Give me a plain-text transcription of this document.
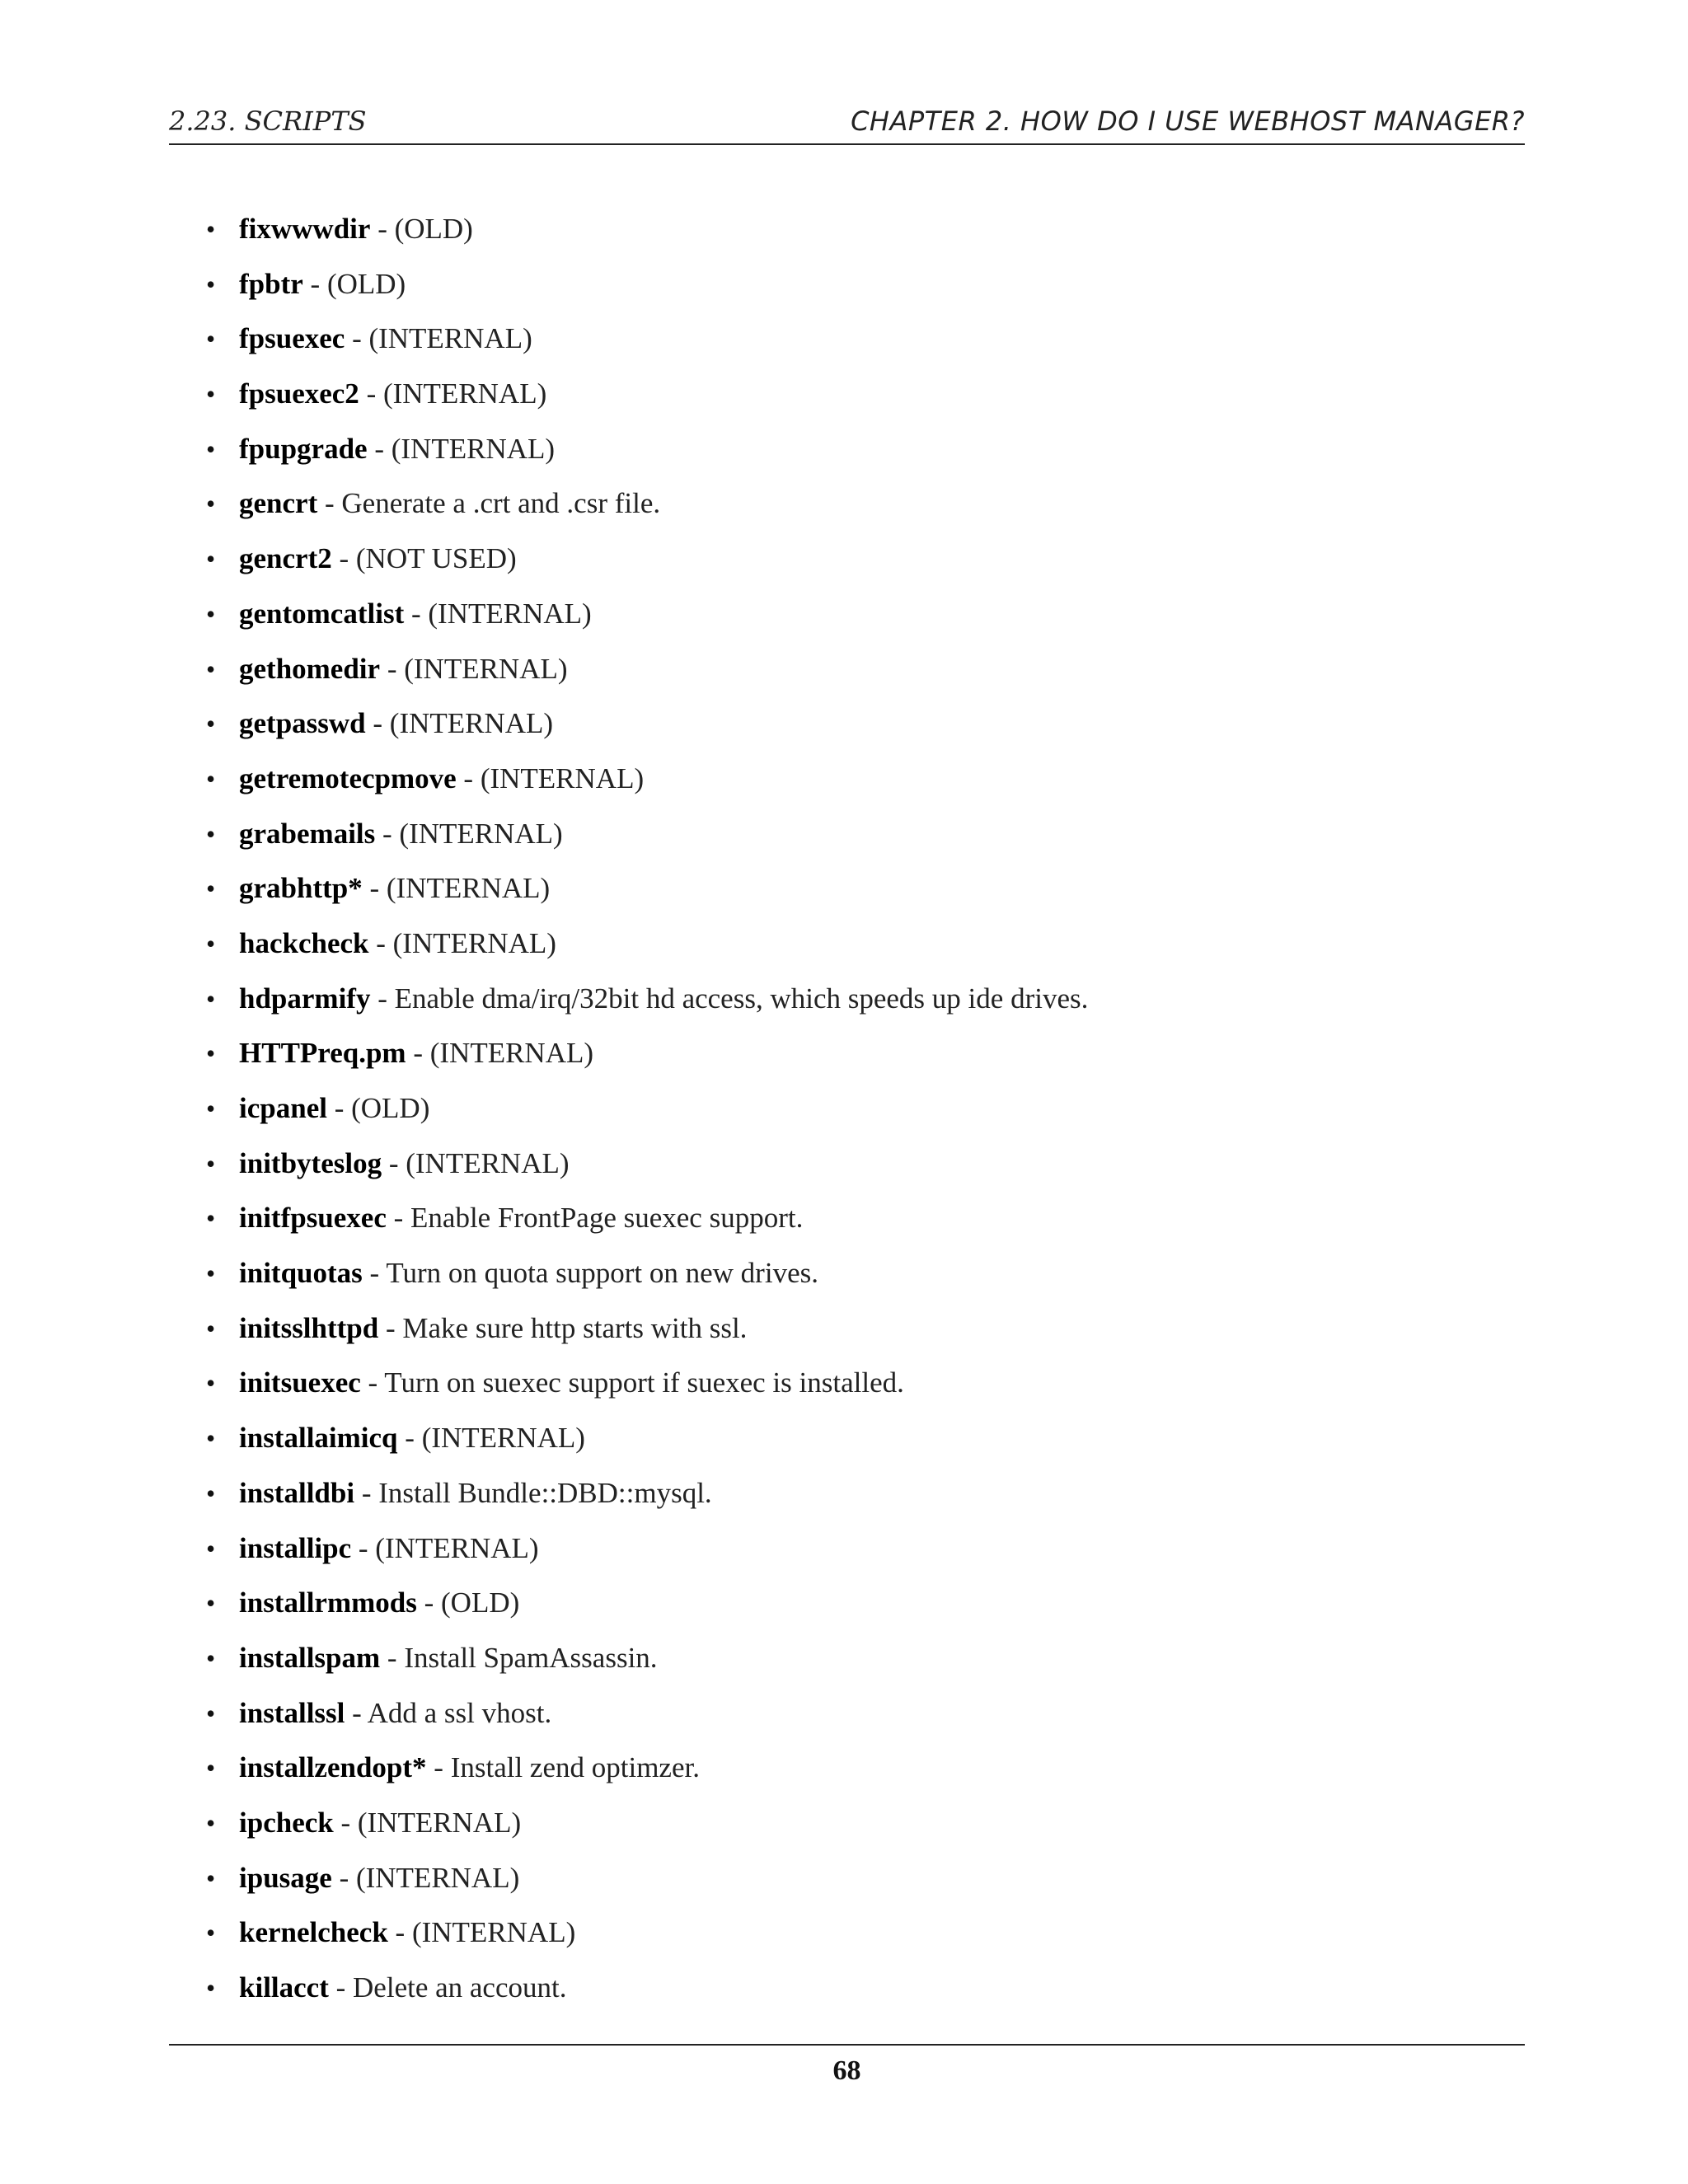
2.23. SCRIPTS	CHAPTER 2. HOW DO I USE WEBHOST MANAGER?
• fixwwwdir - (OLD)
• fpbtr - (OLD)
• fpsuexec - (INTERNAL)
• fpsuexec2 - (INTERNAL)
• fpupgrade - (INTERNAL)
• gencrt - Generate a .crt and .csr file.
• gencrt2 - (NOT USED)
• gentomcatlist - (INTERNAL)
• gethomedir - (INTERNAL)
• getpasswd - (INTERNAL)
• getremotecpmove - (INTERNAL)
• grabemails - (INTERNAL)
• grabhttp* - (INTERNAL)
• hackcheck - (INTERNAL)
• hdparmify - Enable dma/irq/32bit hd access, which speeds up ide drives.
• HTTPreq.pm - (INTERNAL)
• icpanel - (OLD)
• initbyteslog - (INTERNAL)
• initfpsuexec - Enable FrontPage suexec support.
• initquotas - Turn on quota support on new drives.
• initsslhttpd - Make sure http starts with ssl.
• initsuexec - Turn on suexec support if suexec is installed.
• installaimicq - (INTERNAL)
• installdbi - Install Bundle::DBD::mysql.
• installipc - (INTERNAL)
• installrmmods - (OLD)
• installspam - Install SpamAssassin.
• installssl - Add a ssl vhost.
• installzendopt* - Install zend optimzer.
• ipcheck - (INTERNAL)
• ipusage - (INTERNAL)
• kernelcheck - (INTERNAL)
• killacct - Delete an account.
68
